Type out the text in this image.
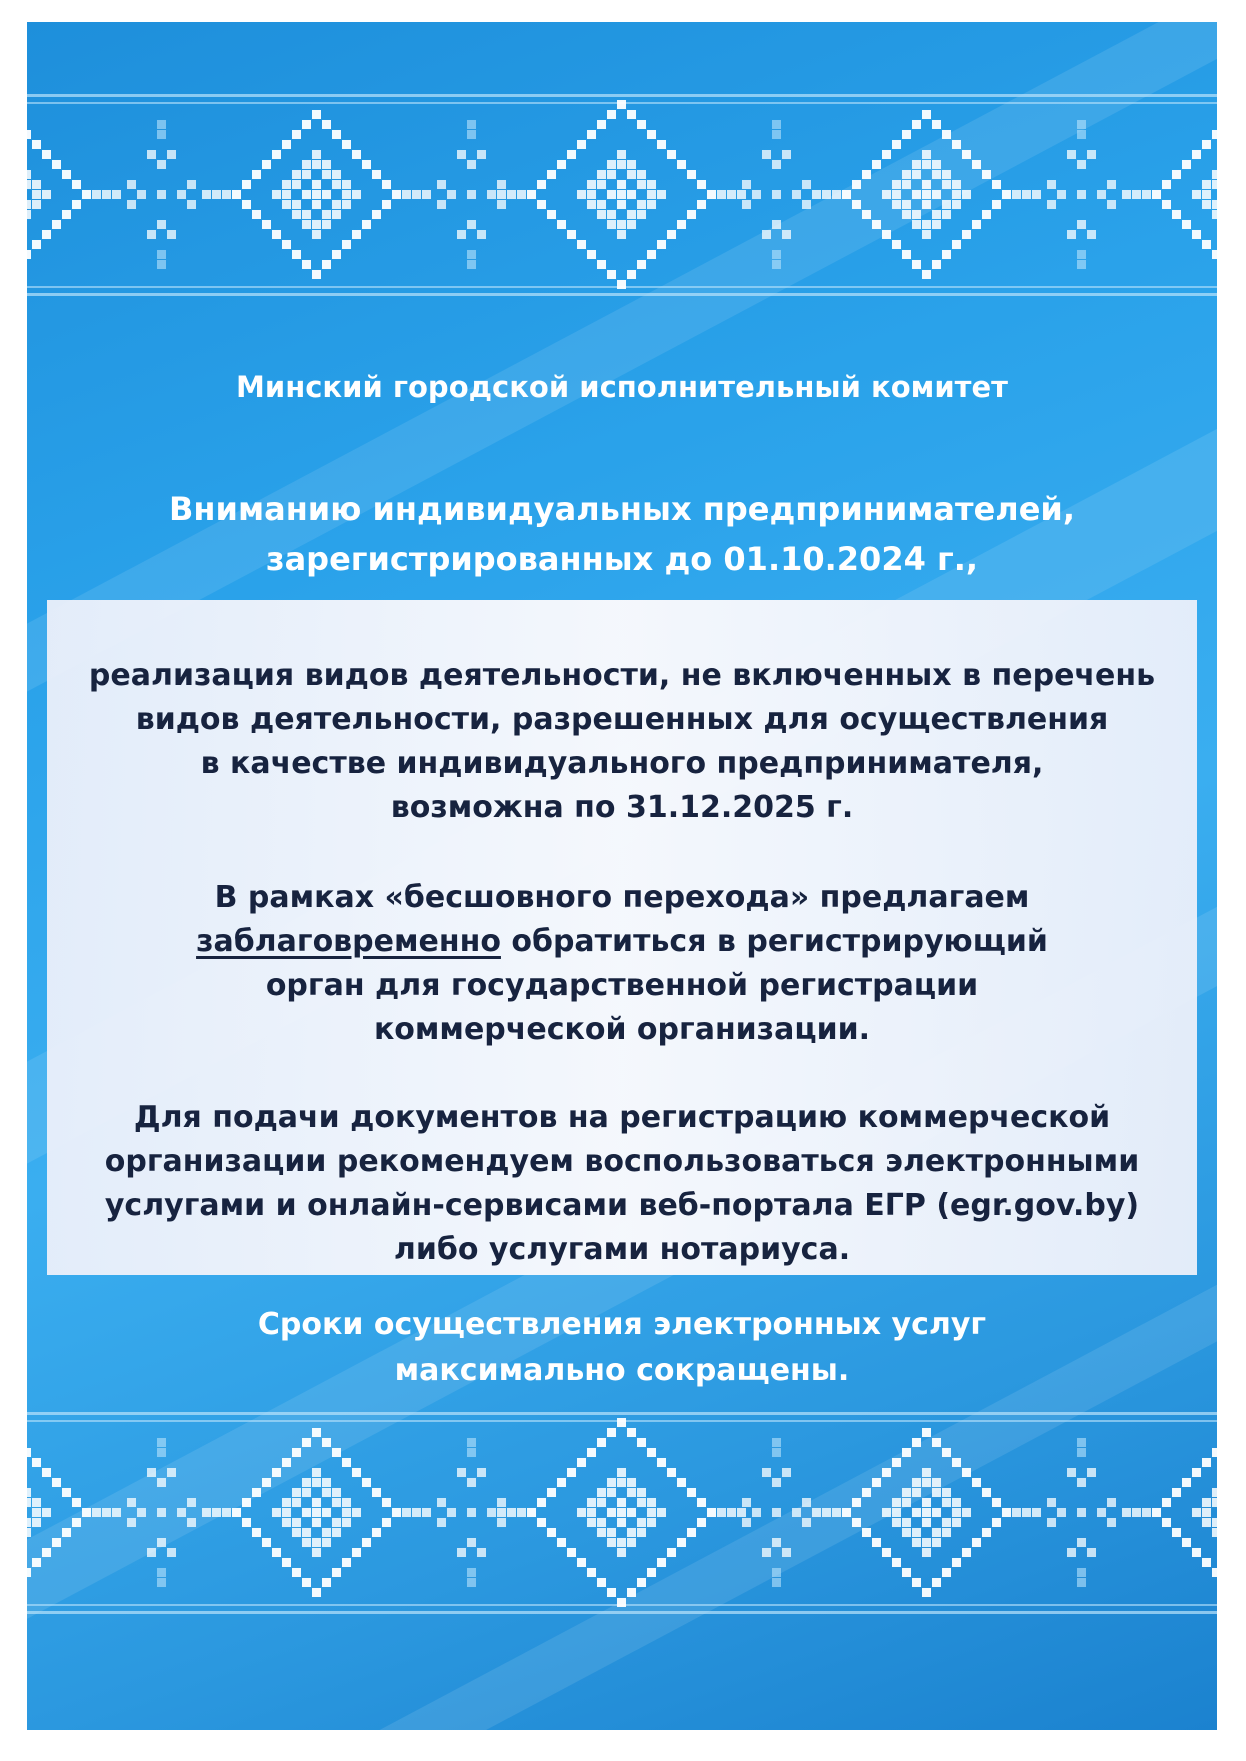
Минский городской исполнительный комитет
Вниманию индивидуальных предпринимателей,
зарегистрированных до 01.10.2024 г.,
реализация видов деятельности, не включенных в перечень
видов деятельности, разрешенных для осуществления
в качестве индивидуального предпринимателя,
возможна по 31.12.2025 г.
В рамках «бесшовного перехода» предлагаем
заблаговременно обратиться в регистрирующий
орган для государственной регистрации
коммерческой организации.
Для подачи документов на регистрацию коммерческой
организации рекомендуем воспользоваться электронными
услугами и онлайн-сервисами веб-портала ЕГР (egr.gov.by)
либо услугами нотариуса.
Сроки осуществления электронных услуг
максимально сокращены.
